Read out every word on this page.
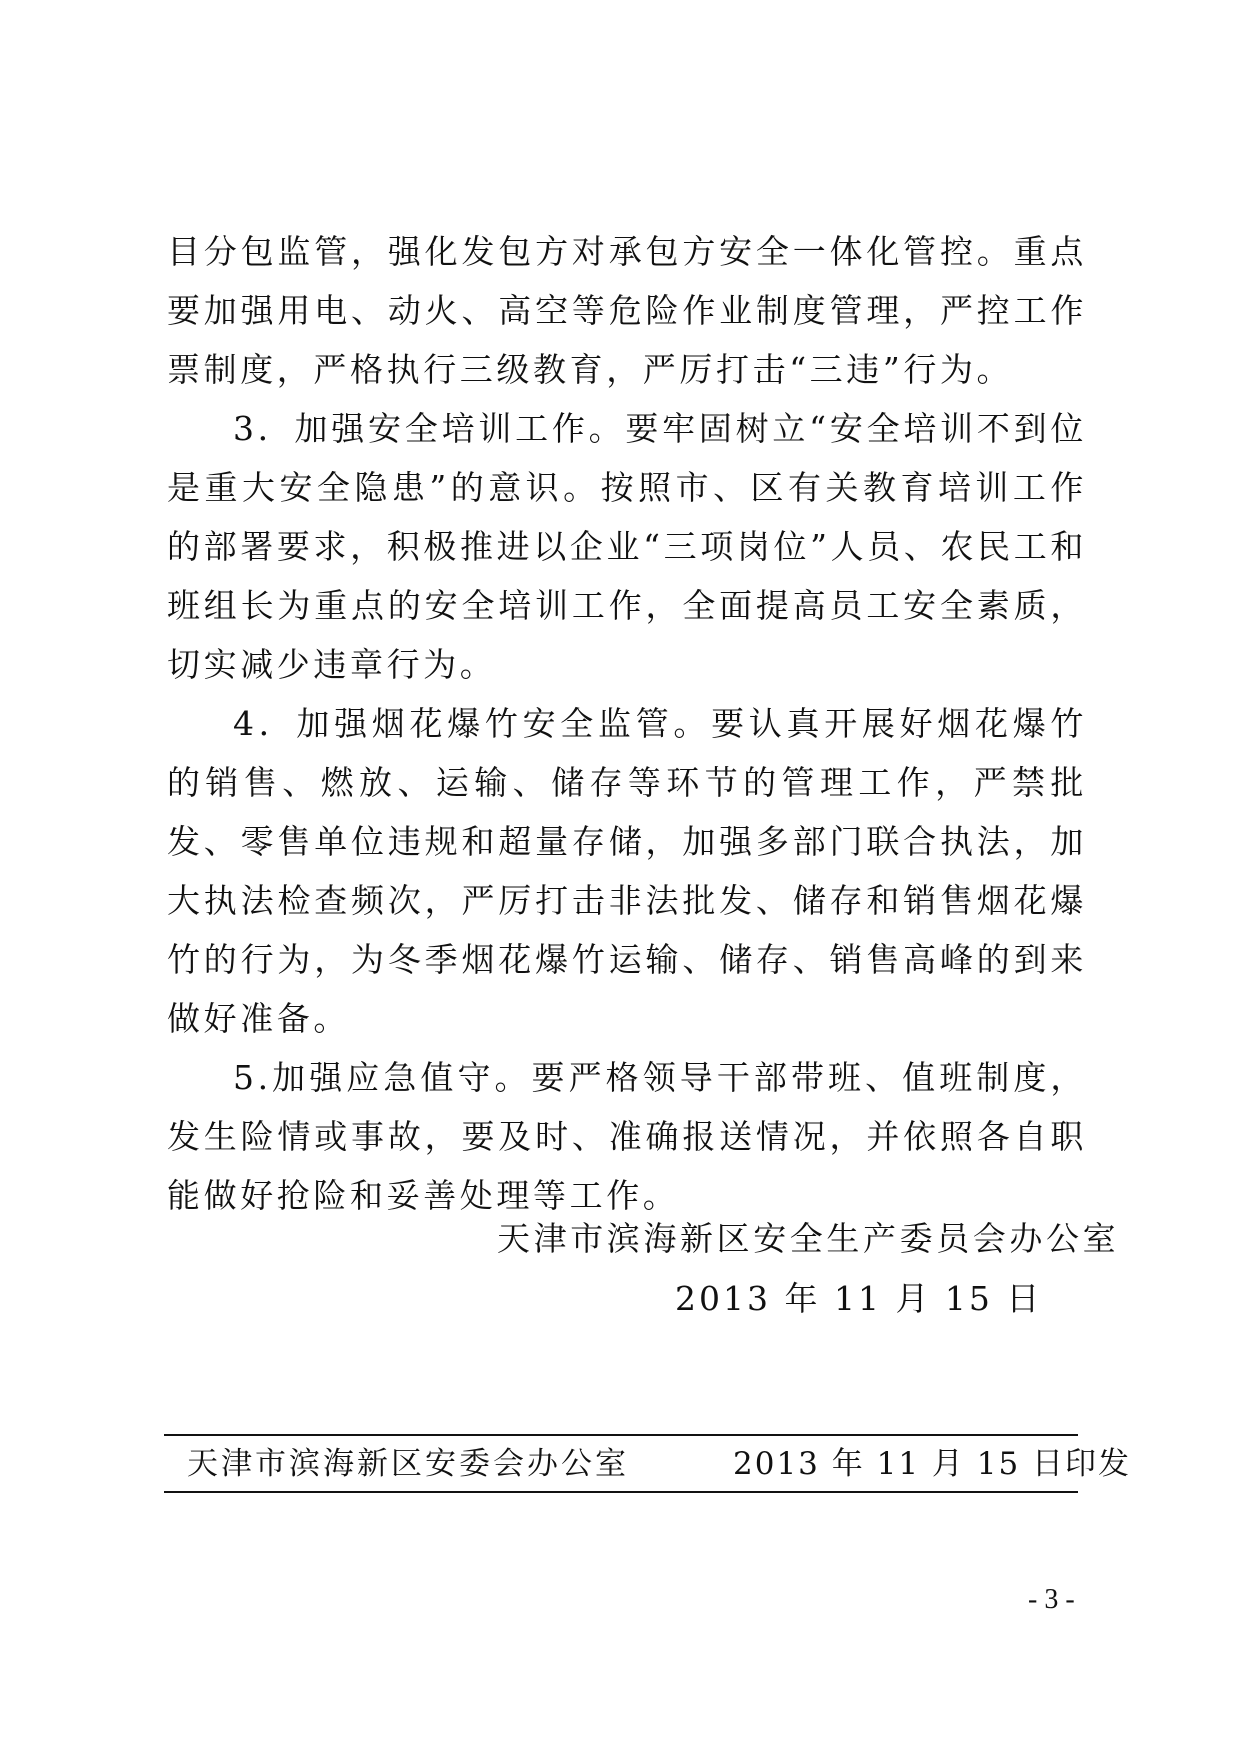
目分包监管，强化发包方对承包方安全一体化管控。重点要加强用电、动火、高空等危险作业制度管理，严控工作票制度，严格执行三级教育，严厉打击“三违”行为。

3．加强安全培训工作。要牢固树立“安全培训不到位是重大安全隐患”的意识。按照市、区有关教育培训工作的部署要求，积极推进以企业“三项岗位”人员、农民工和班组长为重点的安全培训工作，全面提高员工安全素质，切实减少违章行为。

4．加强烟花爆竹安全监管。要认真开展好烟花爆竹的销售、燃放、运输、储存等环节的管理工作，严禁批发、零售单位违规和超量存储，加强多部门联合执法，加大执法检查频次，严厉打击非法批发、储存和销售烟花爆竹的行为，为冬季烟花爆竹运输、储存、销售高峰的到来做好准备。

5.加强应急值守。要严格领导干部带班、值班制度，发生险情或事故，要及时、准确报送情况，并依照各自职能做好抢险和妥善处理等工作。

天津市滨海新区安全生产委员会办公室
2013 年 11 月 15 日
天津市滨海新区安委会办公室	2013 年 11 月 15 日印发
- 3 -
